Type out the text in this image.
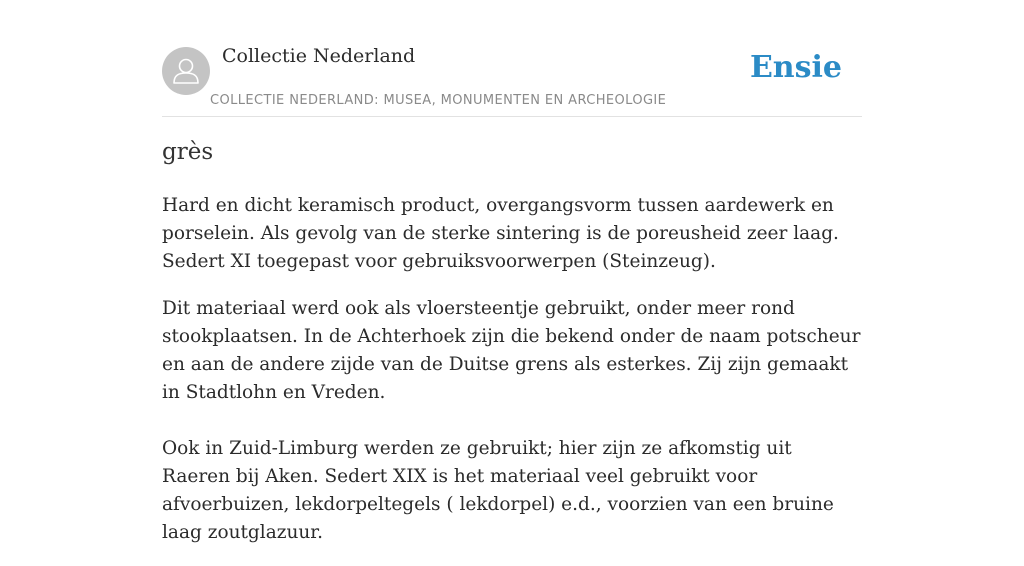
Collectie Nederland
COLLECTIE NEDERLAND: MUSEA, MONUMENTEN EN ARCHEOLOGIE
Ensie
grès

Hard en dicht keramisch product, overgangsvorm tussen aardewerk en porselein. Als gevolg van de sterke sintering is de poreusheid zeer laag. Sedert XI toegepast voor gebruiksvoorwerpen (Steinzeug).

Dit materiaal werd ook als vloersteentje gebruikt, onder meer rond stookplaatsen. In de Achterhoek zijn die bekend onder de naam potscheur en aan de andere zijde van de Duitse grens als esterkes. Zij zijn gemaakt in Stadtlohn en Vreden.

Ook in Zuid-Limburg werden ze gebruikt; hier zijn ze afkomstig uit Raeren bij Aken. Sedert XIX is het materiaal veel gebruikt voor afvoerbuizen, lekdorpeltegels ( lekdorpel) e.d., voorzien van een bruine laag zoutglazuur.
